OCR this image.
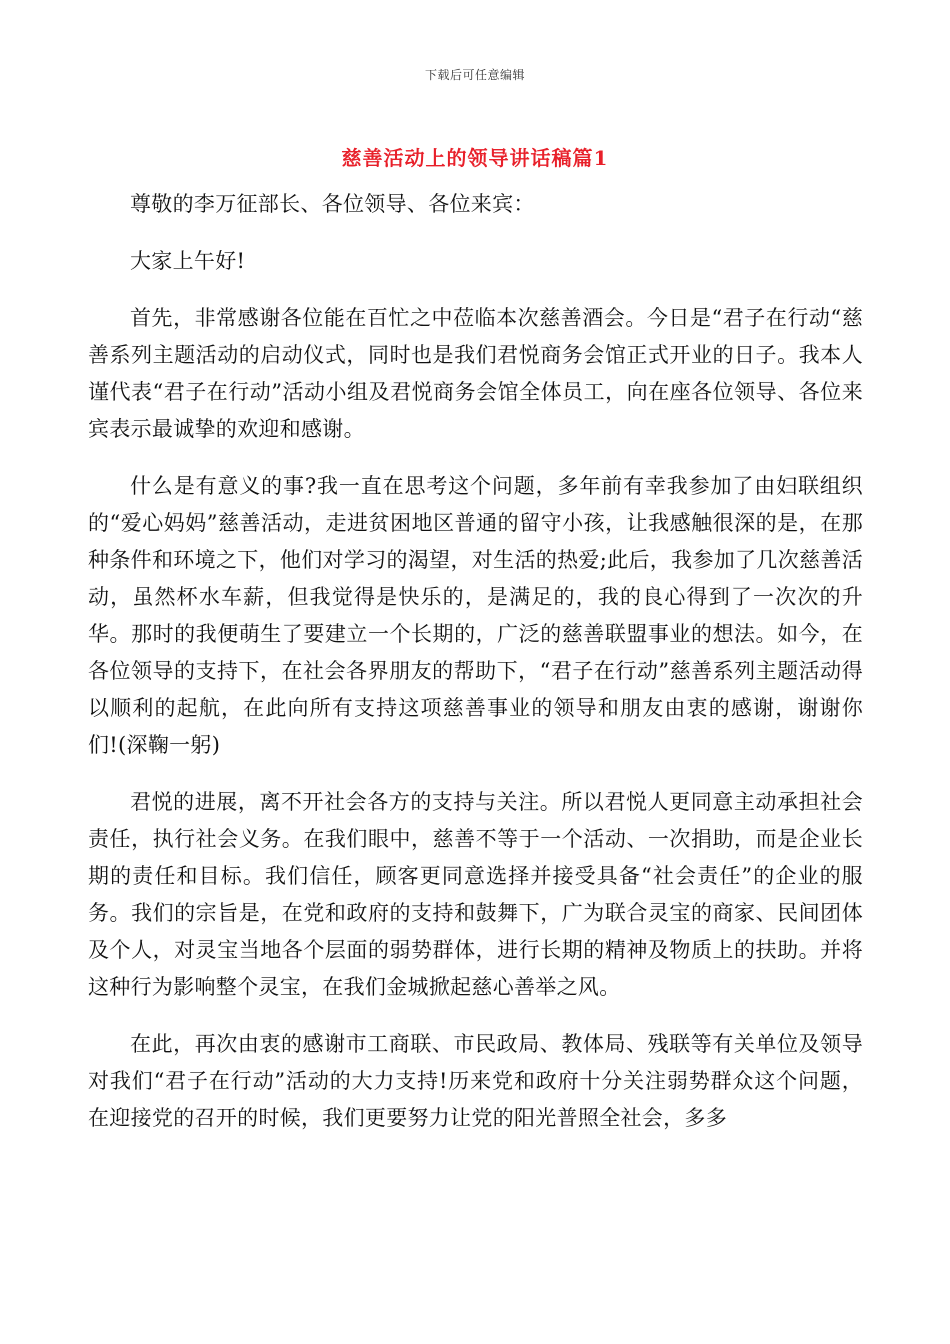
下载后可任意编辑
慈善活动上的领导讲话稿篇1

尊敬的李万征部长、各位领导、各位来宾：

大家上午好!

首先，非常感谢各位能在百忙之中莅临本次慈善酒会。今日是“君子在行动“慈善系列主题活动的启动仪式，同时也是我们君悦商务会馆正式开业的日子。我本人谨代表“君子在行动”活动小组及君悦商务会馆全体员工，向在座各位领导、各位来宾表示最诚挚的欢迎和感谢。

什么是有意义的事?我一直在思考这个问题，多年前有幸我参加了由妇联组织的“爱心妈妈”慈善活动，走进贫困地区普通的留守小孩，让我感触很深的是，在那种条件和环境之下，他们对学习的渴望，对生活的热爱;此后，我参加了几次慈善活动，虽然杯水车薪，但我觉得是快乐的，是满足的，我的良心得到了一次次的升华。那时的我便萌生了要建立一个长期的，广泛的慈善联盟事业的想法。如今，在各位领导的支持下，在社会各界朋友的帮助下，“君子在行动”慈善系列主题活动得以顺利的起航，在此向所有支持这项慈善事业的领导和朋友由衷的感谢，谢谢你们!(深鞠一躬)

君悦的进展，离不开社会各方的支持与关注。所以君悦人更同意主动承担社会责任，执行社会义务。在我们眼中，慈善不等于一个活动、一次捐助，而是企业长期的责任和目标。我们信任，顾客更同意选择并接受具备“社会责任”的企业的服务。我们的宗旨是，在党和政府的支持和鼓舞下，广为联合灵宝的商家、民间团体及个人，对灵宝当地各个层面的弱势群体，进行长期的精神及物质上的扶助。并将这种行为影响整个灵宝，在我们金城掀起慈心善举之风。

在此，再次由衷的感谢市工商联、市民政局、教体局、残联等有关单位及领导对我们“君子在行动”活动的大力支持!历来党和政府十分关注弱势群众这个问题，在迎接党的召开的时候，我们更要努力让党的阳光普照全社会，多多
